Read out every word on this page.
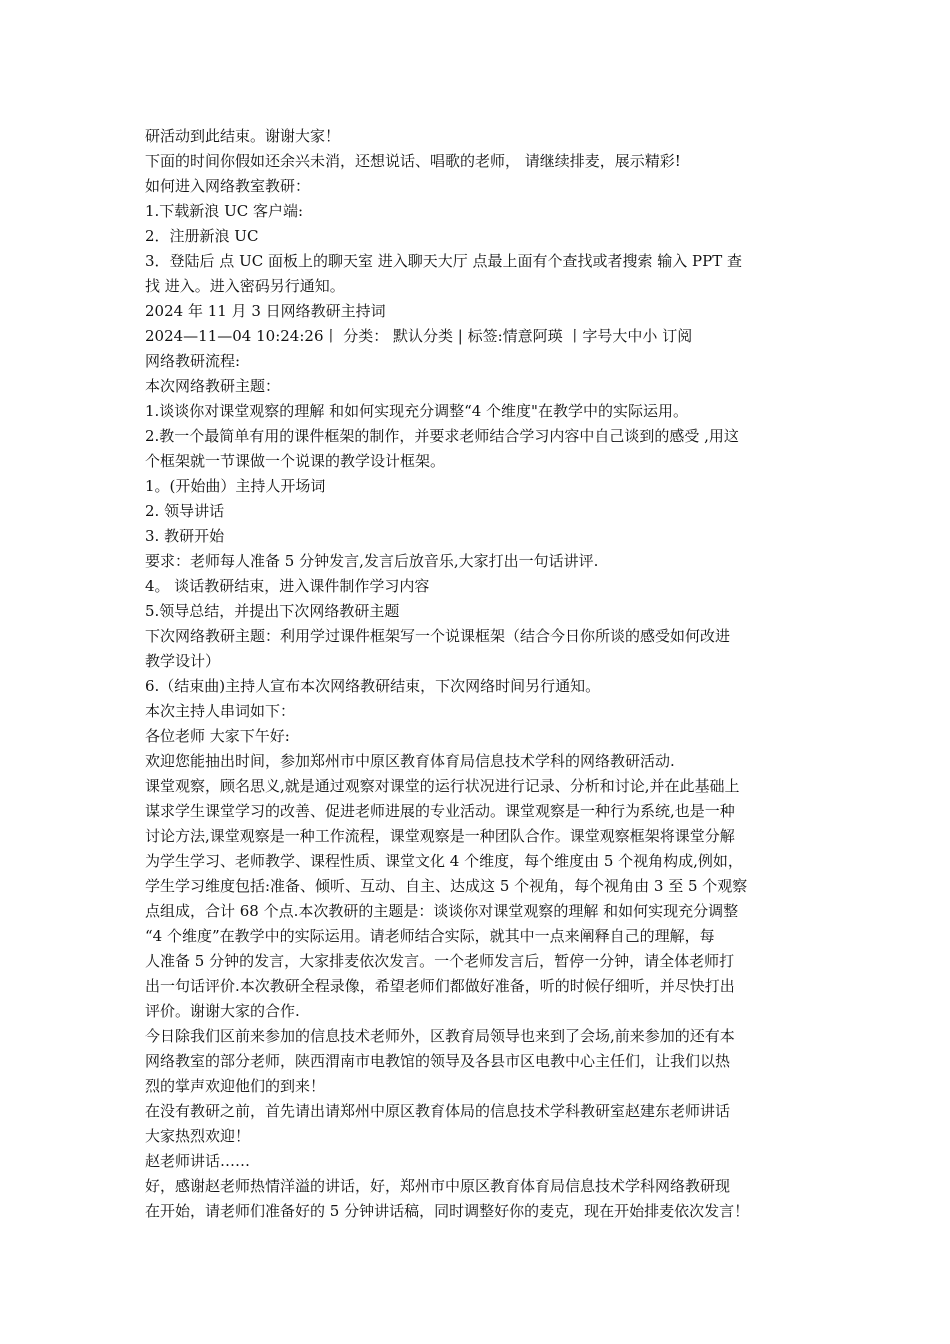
研活动到此结束。谢谢大家！
下面的时间你假如还余兴未消，还想说话、唱歌的老师， 请继续排麦，展示精彩!
如何进入网络教室教研：
1.下载新浪 UC 客户端:
2．注册新浪 UC
3．登陆后 点 UC 面板上的聊天室 进入聊天大厅 点最上面有个查找或者搜索 输入 PPT 查
找 进入。进入密码另行通知。
2024 年 11 月 3 日网络教研主持词
2024—11—04 10:24:26丨 分类： 默认分类 | 标签:情意阿瑛 丨字号大中小 订阅
网络教研流程:
本次网络教研主题：
1.谈谈你对课堂观察的理解 和如何实现充分调整“4 个维度"在教学中的实际运用。
2.教一个最简单有用的课件框架的制作，并要求老师结合学习内容中自己谈到的感受 ,用这
个框架就一节课做一个说课的教学设计框架。
1。(开始曲）主持人开场词
2. 领导讲话
3. 教研开始
要求：老师每人准备 5 分钟发言,发言后放音乐,大家打出一句话讲评.
4。 谈话教研结束，进入课件制作学习内容
5.领导总结，并提出下次网络教研主题
下次网络教研主题：利用学过课件框架写一个说课框架（结合今日你所谈的感受如何改进
教学设计）
6.（结束曲)主持人宣布本次网络教研结束，下次网络时间另行通知。
本次主持人串词如下：
各位老师 大家下午好:
欢迎您能抽出时间，参加郑州市中原区教育体育局信息技术学科的网络教研活动.
课堂观察，顾名思义,就是通过观察对课堂的运行状况进行记录、分析和讨论,并在此基础上
谋求学生课堂学习的改善、促进老师进展的专业活动。课堂观察是一种行为系统,也是一种
讨论方法,课堂观察是一种工作流程，课堂观察是一种团队合作。课堂观察框架将课堂分解
为学生学习、老师教学、课程性质、课堂文化 4 个维度，每个维度由 5 个视角构成,例如，
学生学习维度包括:准备、倾听、互动、自主、达成这 5 个视角，每个视角由 3 至 5 个观察
点组成，合计 68 个点.本次教研的主题是：谈谈你对课堂观察的理解 和如何实现充分调整
“4 个维度”在教学中的实际运用。请老师结合实际，就其中一点来阐释自己的理解，每
人准备 5 分钟的发言，大家排麦依次发言。一个老师发言后，暂停一分钟，请全体老师打
出一句话评价.本次教研全程录像，希望老师们都做好准备，听的时候仔细听，并尽快打出
评价。谢谢大家的合作.
今日除我们区前来参加的信息技术老师外，区教育局领导也来到了会场,前来参加的还有本
网络教室的部分老师，陕西渭南市电教馆的领导及各县市区电教中心主任们，让我们以热
烈的掌声欢迎他们的到来！
在没有教研之前，首先请出请郑州中原区教育体局的信息技术学科教研室赵建东老师讲话
大家热烈欢迎！
赵老师讲话……
好，感谢赵老师热情洋溢的讲话，好，郑州市中原区教育体育局信息技术学科网络教研现
在开始，请老师们准备好的 5 分钟讲话稿，同时调整好你的麦克，现在开始排麦依次发言！
